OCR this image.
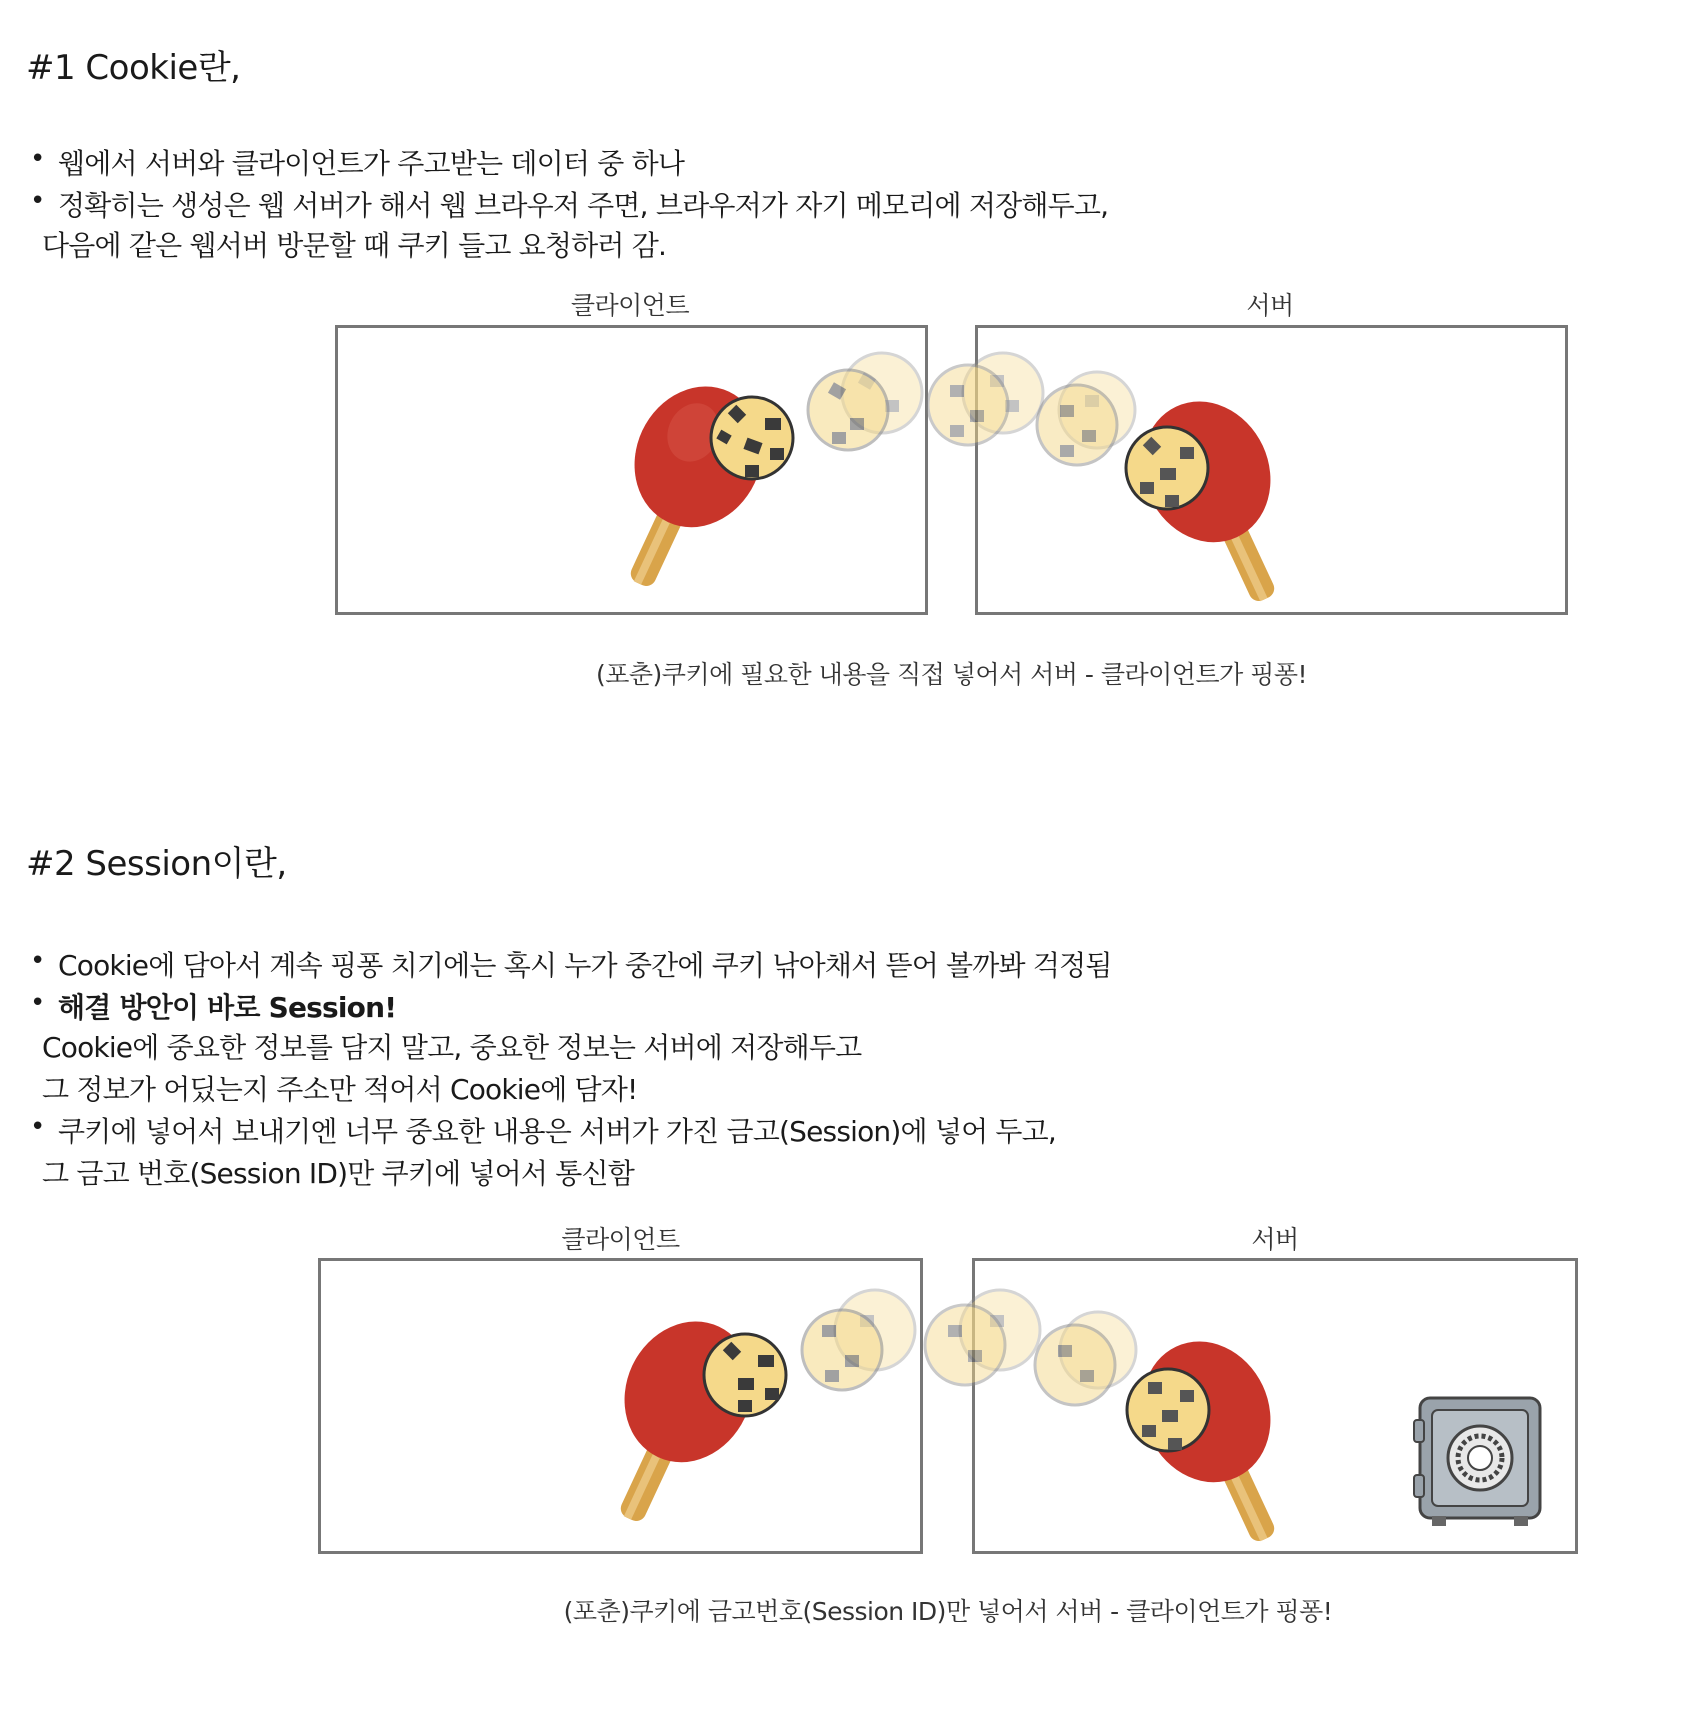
#1 Cookie란,
• 웹에서 서버와 클라이언트가 주고받는 데이터 중 하나
• 정확히는 생성은 웹 서버가 해서 웹 브라우저 주면, 브라우저가 자기 메모리에 저장해두고,
다음에 같은 웹서버 방문할 때 쿠키 들고 요청하러 감.
클라이언트	서버
(포춘)쿠키에 필요한 내용을 직접 넣어서 서버 - 클라이언트가 핑퐁!
#2 Session이란,
• Cookie에 담아서 계속 핑퐁 치기에는 혹시 누가 중간에 쿠키 낚아채서 뜯어 볼까봐 걱정됨
• 해결 방안이 바로 Session!
Cookie에 중요한 정보를 담지 말고, 중요한 정보는 서버에 저장해두고
그 정보가 어딨는지 주소만 적어서 Cookie에 담자!
• 쿠키에 넣어서 보내기엔 너무 중요한 내용은 서버가 가진 금고(Session)에 넣어 두고,
그 금고 번호(Session ID)만 쿠키에 넣어서 통신함
클라이언트	서버
(포춘)쿠키에 금고번호(Session ID)만 넣어서 서버 - 클라이언트가 핑퐁!
